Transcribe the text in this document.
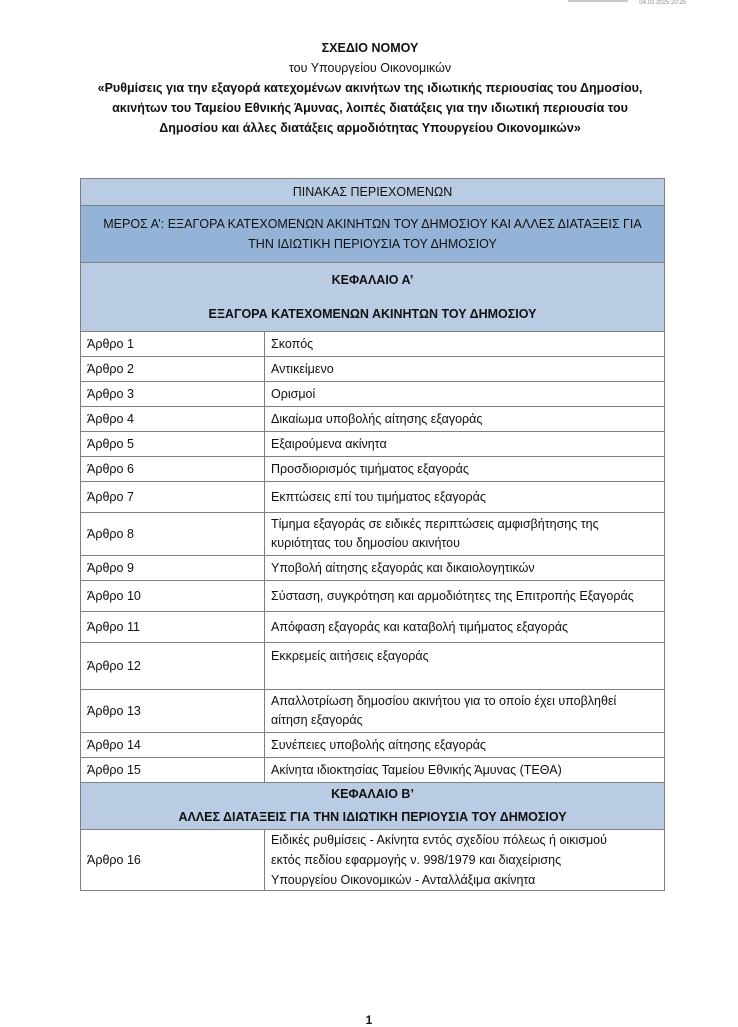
04.02.2025 20:25
ΣΧΕΔΙΟ ΝΟΜΟΥ
του Υπουργείου Οικονομικών
«Ρυθμίσεις για την εξαγορά κατεχομένων ακινήτων της ιδιωτικής περιουσίας του Δημοσίου,
ακινήτων του Ταμείου Εθνικής Άμυνας, λοιπές διατάξεις για την ιδιωτική περιουσία του
Δημοσίου και άλλες διατάξεις αρμοδιότητας Υπουργείου Οικονομικών»
ΠΙΝΑΚΑΣ ΠΕΡΙΕΧΟΜΕΝΩΝ	

ΜΕΡΟΣ Α’: ΕΞΑΓΟΡΑ ΚΑΤΕΧΟΜΕΝΩΝ ΑΚΙΝΗΤΩΝ ΤΟΥ ΔΗΜΟΣΙΟΥ ΚΑΙ ΑΛΛΕΣ ΔΙΑΤΑΞΕΙΣ ΓΙΑ
ΤΗΝ ΙΔΙΩΤΙΚΗ ΠΕΡΙΟΥΣΙΑ ΤΟΥ ΔΗΜΟΣΙΟΥ	

ΚΕΦΑΛΑΙΟ Α’
ΕΞΑΓΟΡΑ ΚΑΤΕΧΟΜΕΝΩΝ ΑΚΙΝΗΤΩΝ ΤΟΥ ΔΗΜΟΣΙΟΥ	

Άρθρο 1	Σκοπός
Άρθρο 2	Αντικείμενο
Άρθρο 3	Ορισμοί
Άρθρο 4	Δικαίωμα υποβολής αίτησης εξαγοράς
Άρθρο 5	Εξαιρούμενα ακίνητα
Άρθρο 6	Προσδιορισμός τιμήματος εξαγοράς
Άρθρο 7	Εκπτώσεις επί του τιμήματος εξαγοράς
Άρθρο 8	Τίμημα εξαγοράς σε ειδικές περιπτώσεις αμφισβήτησης της
κυριότητας του δημοσίου ακινήτου

Άρθρο 9	Υποβολή αίτησης εξαγοράς και δικαιολογητικών
Άρθρο 10	Σύσταση, συγκρότηση και αρμοδιότητες της Επιτροπής Εξαγοράς
Άρθρο 11	Απόφαση εξαγοράς και καταβολή τιμήματος εξαγοράς
Άρθρο 12	Εκκρεμείς αιτήσεις εξαγοράς
Άρθρο 13	Απαλλοτρίωση δημοσίου ακινήτου για το οποίο έχει υποβληθεί
αίτηση εξαγοράς

Άρθρο 14	Συνέπειες υποβολής αίτησης εξαγοράς
Άρθρο 15	Ακίνητα ιδιοκτησίας Ταμείου Εθνικής Άμυνας (ΤΕΘΑ)

ΚΕΦΑΛΑΙΟ Β’
ΑΛΛΕΣ ΔΙΑΤΑΞΕΙΣ ΓΙΑ ΤΗΝ ΙΔΙΩΤΙΚΗ ΠΕΡΙΟΥΣΙΑ ΤΟΥ ΔΗΜΟΣΙΟΥ	

Άρθρο 16	Ειδικές ρυθμίσεις - Ακίνητα εντός σχεδίου πόλεως ή οικισμού
εκτός πεδίου εφαρμογής ν. 998/1979 και διαχείρισης
Υπουργείου Οικονομικών - Ανταλλάξιμα ακίνητα
1
